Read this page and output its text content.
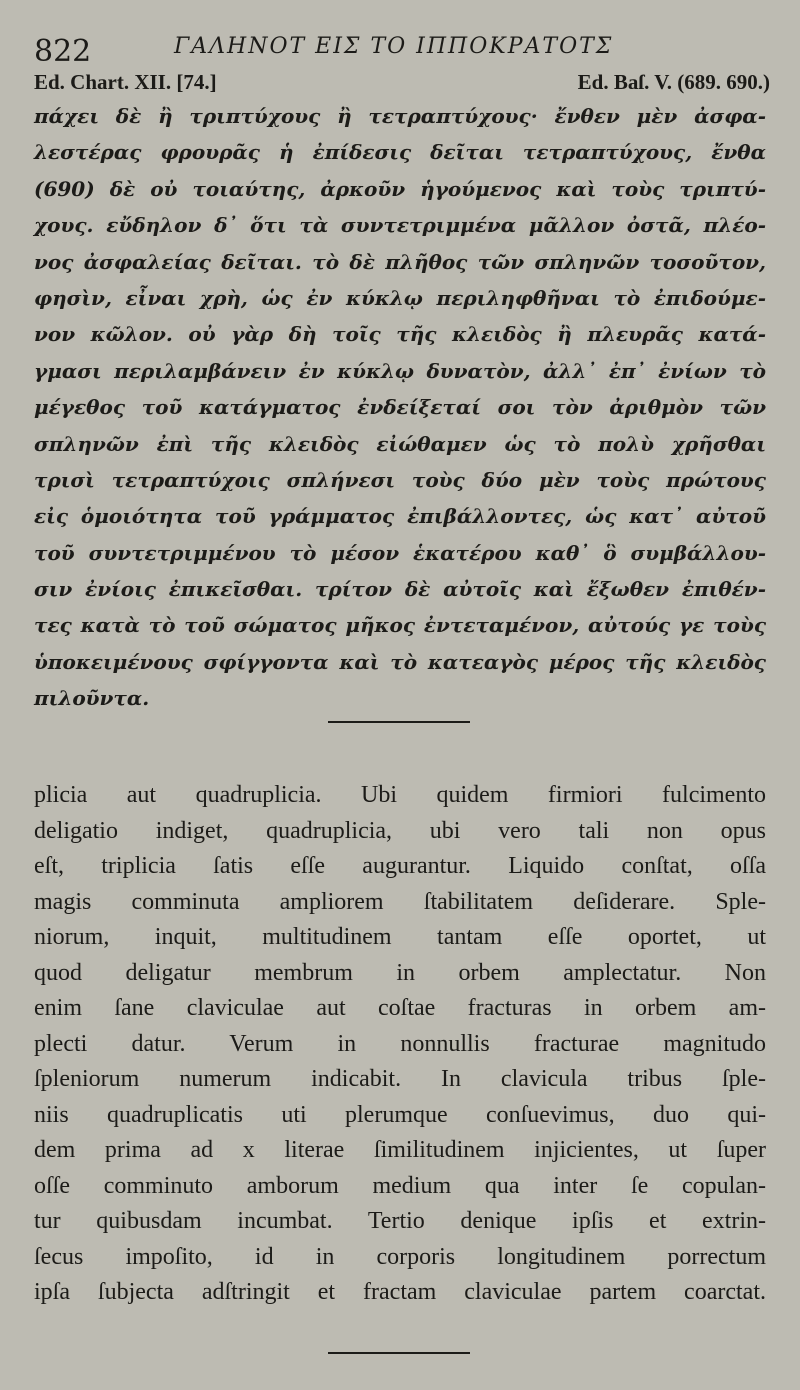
822	ΓΑΛΗΝΟΤ ΕΙΣ ΤΟ ΙΠΠΟΚΡΑΤΟΤΣ
Ed. Chart. XII. [74.]	Ed. Baſ. V. (689. 690.)
πάχει δὲ ἢ τριπτύχους ἢ τετραπτύχους· ἔνθεν μὲν ἀσφα-
λεστέρας φρουρᾶς ἡ ἐπίδεσις δεῖται τετραπτύχους, ἔνθα
(690) δὲ οὐ τοιαύτης, ἀρκοῦν ἡγούμενος καὶ τοὺς τριπτύ-
χους. εὔδηλον δ᾽ ὅτι τὰ συντετριμμένα μᾶλλον ὀστᾶ, πλέο-
νος ἀσφαλείας δεῖται. τὸ δὲ πλῆθος τῶν σπληνῶν τοσοῦτον,
φησὶν, εἶναι χρὴ, ὡς ἐν κύκλῳ περιληφθῆναι τὸ ἐπιδούμε-
νον κῶλον. οὐ γὰρ δὴ τοῖς τῆς κλειδὸς ἢ πλευρᾶς κατά-
γμασι περιλαμβάνειν ἐν κύκλῳ δυνατὸν, ἀλλ᾽ ἐπ᾽ ἐνίων τὸ
μέγεθος τοῦ κατάγματος ἐνδείξεταί σοι τὸν ἀριθμὸν τῶν
σπληνῶν ἐπὶ τῆς κλειδὸς εἰώθαμεν ὡς τὸ πολὺ χρῆσθαι
τρισὶ τετραπτύχοις σπλήνεσι τοὺς δύο μὲν τοὺς πρώτους
εἰς ὁμοιότητα τοῦ γράμματος ἐπιβάλλοντες, ὡς κατ᾽ αὐτοῦ
τοῦ συντετριμμένου τὸ μέσον ἑκατέρου καθ᾽ ὃ συμβάλλου-
σιν ἐνίοις ἐπικεῖσθαι. τρίτον δὲ αὐτοῖς καὶ ἔξωθεν ἐπιθέν-
τες κατὰ τὸ τοῦ σώματος μῆκος ἐντεταμένον, αὐτούς γε τοὺς
ὑποκειμένους σφίγγοντα καὶ τὸ κατεαγὸς μέρος τῆς κλειδὸς
πιλοῦντα.
plicia aut quadruplicia. Ubi quidem firmiori fulcimento
deligatio indiget, quadruplicia, ubi vero tali non opus
eſt, triplicia ſatis eſſe augurantur. Liquido conſtat, oſſa
magis comminuta ampliorem ſtabilitatem deſiderare. Sple-
niorum, inquit, multitudinem tantam eſſe oportet, ut
quod deligatur membrum in orbem amplectatur. Non
enim ſane claviculae aut coſtae fracturas in orbem am-
plecti datur. Verum in nonnullis fracturae magnitudo
ſpleniorum numerum indicabit. In clavicula tribus ſple-
niis quadruplicatis uti plerumque conſuevimus, duo qui-
dem prima ad x literae ſimilitudinem injicientes, ut ſuper
oſſe comminuto amborum medium qua inter ſe copulan-
tur quibusdam incumbat. Tertio denique ipſis et extrin-
ſecus impoſito, id in corporis longitudinem porrectum
ipſa ſubjecta adſtringit et fractam claviculae partem coarctat.
